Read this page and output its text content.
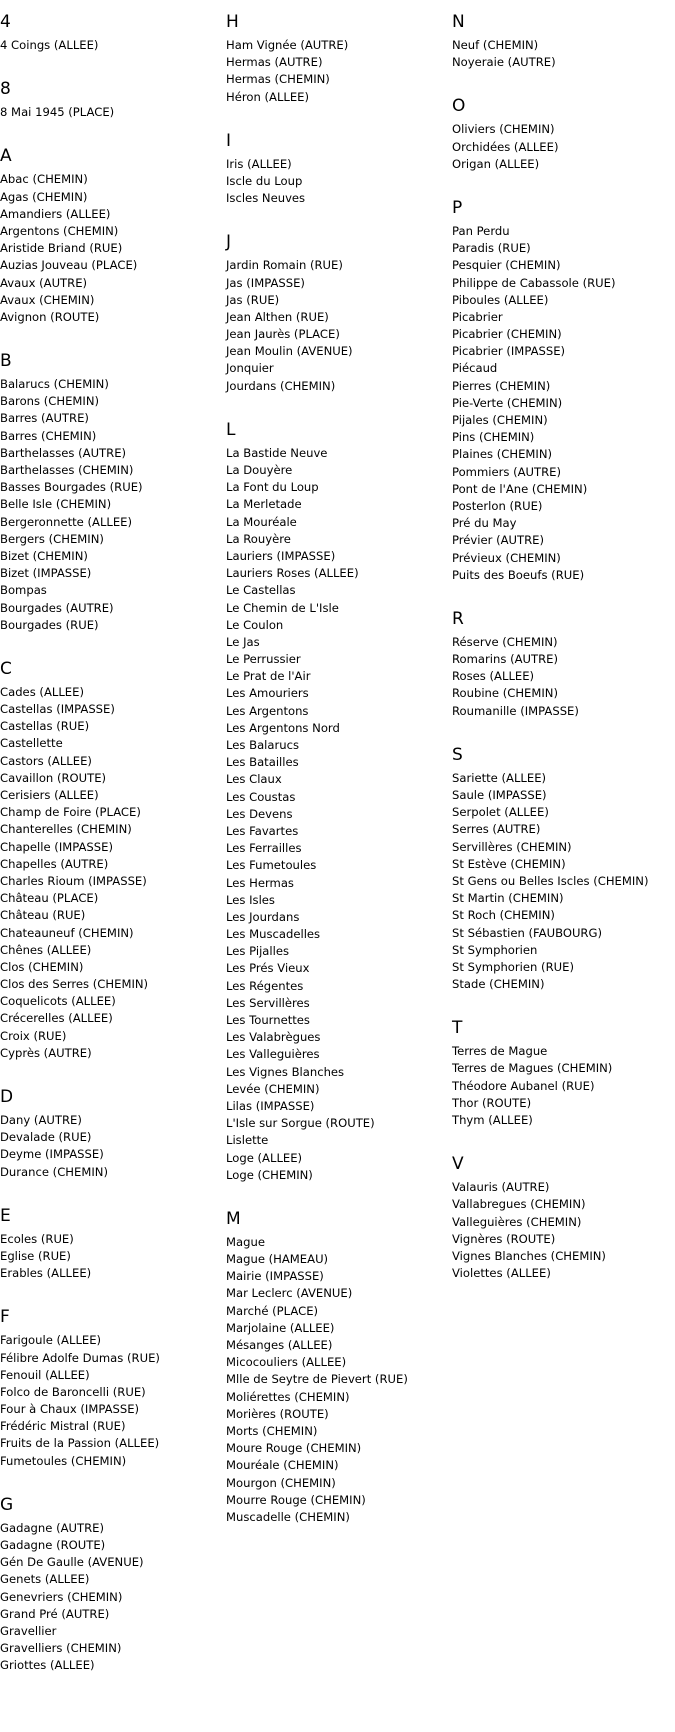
4
4 Coings (ALLEE)
8
8 Mai 1945 (PLACE)
A
Abac (CHEMIN)
Agas (CHEMIN)
Amandiers (ALLEE)
Argentons (CHEMIN)
Aristide Briand (RUE)
Auzias Jouveau (PLACE)
Avaux (AUTRE)
Avaux (CHEMIN)
Avignon (ROUTE)
B
Balarucs (CHEMIN)
Barons (CHEMIN)
Barres (AUTRE)
Barres (CHEMIN)
Barthelasses (AUTRE)
Barthelasses (CHEMIN)
Basses Bourgades (RUE)
Belle Isle (CHEMIN)
Bergeronnette (ALLEE)
Bergers (CHEMIN)
Bizet (CHEMIN)
Bizet (IMPASSE)
Bompas
Bourgades (AUTRE)
Bourgades (RUE)
C
Cades (ALLEE)
Castellas (IMPASSE)
Castellas (RUE)
Castellette
Castors (ALLEE)
Cavaillon (ROUTE)
Cerisiers (ALLEE)
Champ de Foire (PLACE)
Chanterelles (CHEMIN)
Chapelle (IMPASSE)
Chapelles (AUTRE)
Charles Rioum (IMPASSE)
Château (PLACE)
Château (RUE)
Chateauneuf (CHEMIN)
Chênes (ALLEE)
Clos (CHEMIN)
Clos des Serres (CHEMIN)
Coquelicots (ALLEE)
Crécerelles (ALLEE)
Croix (RUE)
Cyprès (AUTRE)
D
Dany (AUTRE)
Devalade (RUE)
Deyme (IMPASSE)
Durance (CHEMIN)
E
Ecoles (RUE)
Eglise (RUE)
Erables (ALLEE)
F
Farigoule (ALLEE)
Félibre Adolfe Dumas (RUE)
Fenouil (ALLEE)
Folco de Baroncelli (RUE)
Four à Chaux (IMPASSE)
Frédéric Mistral (RUE)
Fruits de la Passion (ALLEE)
Fumetoules (CHEMIN)
G
Gadagne (AUTRE)
Gadagne (ROUTE)
Gén De Gaulle (AVENUE)
Genets (ALLEE)
Genevriers (CHEMIN)
Grand Pré (AUTRE)
Gravellier
Gravelliers (CHEMIN)
Griottes (ALLEE)
H
Ham Vignée (AUTRE)
Hermas (AUTRE)
Hermas (CHEMIN)
Héron (ALLEE)
I
Iris (ALLEE)
Iscle du Loup
Iscles Neuves
J
Jardin Romain (RUE)
Jas (IMPASSE)
Jas (RUE)
Jean Althen (RUE)
Jean Jaurès (PLACE)
Jean Moulin (AVENUE)
Jonquier
Jourdans (CHEMIN)
L
La Bastide Neuve
La Douyère
La Font du Loup
La Merletade
La Mouréale
La Rouyère
Lauriers (IMPASSE)
Lauriers Roses (ALLEE)
Le Castellas
Le Chemin de L'Isle
Le Coulon
Le Jas
Le Perrussier
Le Prat de l'Air
Les Amouriers
Les Argentons
Les Argentons Nord
Les Balarucs
Les Batailles
Les Claux
Les Coustas
Les Devens
Les Favartes
Les Ferrailles
Les Fumetoules
Les Hermas
Les Isles
Les Jourdans
Les Muscadelles
Les Pijalles
Les Prés Vieux
Les Régentes
Les Servillères
Les Tournettes
Les Valabrègues
Les Valleguières
Les Vignes Blanches
Levée (CHEMIN)
Lilas (IMPASSE)
L'Isle sur Sorgue (ROUTE)
Lislette
Loge (ALLEE)
Loge (CHEMIN)
M
Mague
Mague (HAMEAU)
Mairie (IMPASSE)
Mar Leclerc (AVENUE)
Marché (PLACE)
Marjolaine (ALLEE)
Mésanges (ALLEE)
Micocouliers (ALLEE)
Mlle de Seytre de Pievert (RUE)
Moliérettes (CHEMIN)
Morières (ROUTE)
Morts (CHEMIN)
Moure Rouge (CHEMIN)
Mouréale (CHEMIN)
Mourgon (CHEMIN)
Mourre Rouge (CHEMIN)
Muscadelle (CHEMIN)
N
Neuf (CHEMIN)
Noyeraie (AUTRE)
O
Oliviers (CHEMIN)
Orchidées (ALLEE)
Origan (ALLEE)
P
Pan Perdu
Paradis (RUE)
Pesquier (CHEMIN)
Philippe de Cabassole (RUE)
Piboules (ALLEE)
Picabrier
Picabrier (CHEMIN)
Picabrier (IMPASSE)
Piécaud
Pierres (CHEMIN)
Pie-Verte (CHEMIN)
Pijales (CHEMIN)
Pins (CHEMIN)
Plaines (CHEMIN)
Pommiers (AUTRE)
Pont de l'Ane (CHEMIN)
Posterlon (RUE)
Pré du May
Prévier (AUTRE)
Prévieux (CHEMIN)
Puits des Boeufs (RUE)
R
Réserve (CHEMIN)
Romarins (AUTRE)
Roses (ALLEE)
Roubine (CHEMIN)
Roumanille (IMPASSE)
S
Sariette (ALLEE)
Saule (IMPASSE)
Serpolet (ALLEE)
Serres (AUTRE)
Servillères (CHEMIN)
St Estève (CHEMIN)
St Gens ou Belles Iscles (CHEMIN)
St Martin (CHEMIN)
St Roch (CHEMIN)
St Sébastien (FAUBOURG)
St Symphorien
St Symphorien (RUE)
Stade (CHEMIN)
T
Terres de Mague
Terres de Magues (CHEMIN)
Théodore Aubanel (RUE)
Thor (ROUTE)
Thym (ALLEE)
V
Valauris (AUTRE)
Vallabregues (CHEMIN)
Valleguières (CHEMIN)
Vignères (ROUTE)
Vignes Blanches (CHEMIN)
Violettes (ALLEE)
